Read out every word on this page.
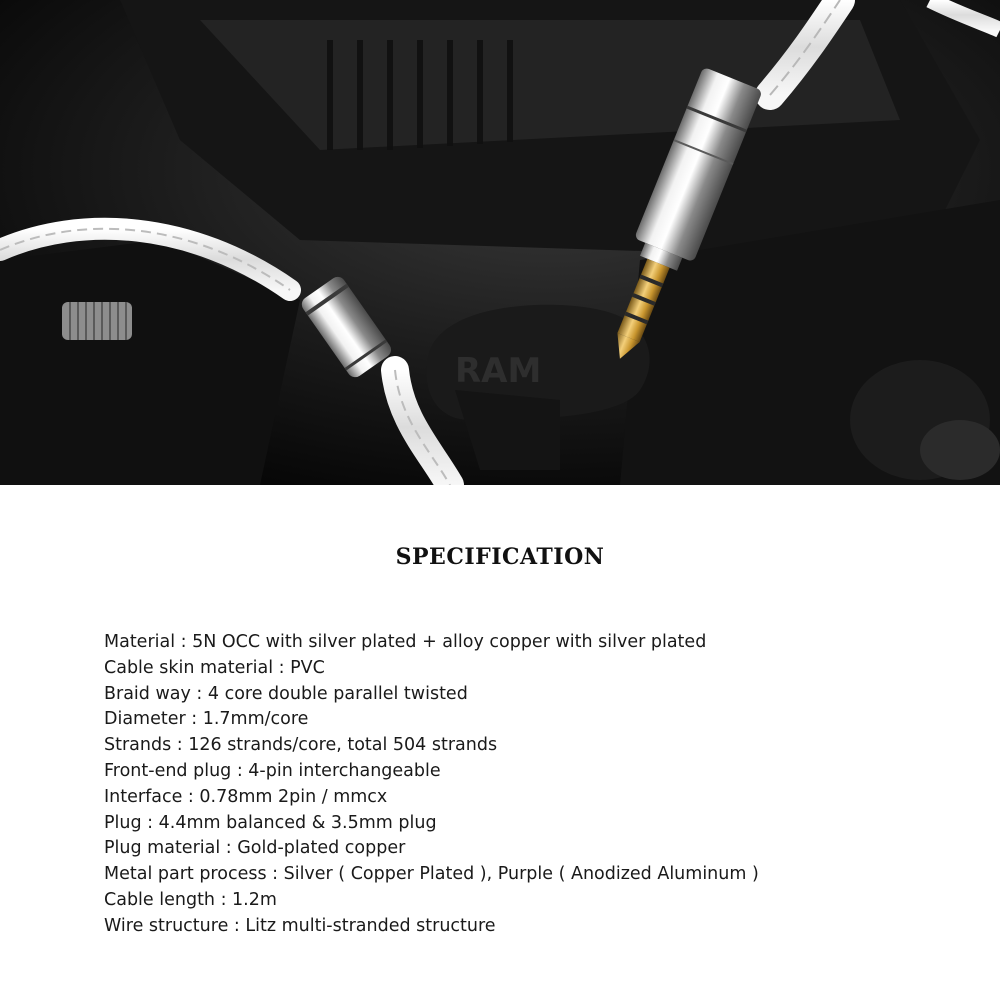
RAM
SPECIFICATION
Material : 5N OCC with silver plated + alloy copper with silver plated
Cable skin material : PVC
Braid way : 4 core double parallel twisted
Diameter : 1.7mm/core
Strands : 126 strands/core, total 504 strands
Front-end plug : 4-pin interchangeable
Interface : 0.78mm 2pin / mmcx
Plug : 4.4mm balanced & 3.5mm plug
Plug material : Gold-plated copper
Metal part process : Silver ( Copper Plated ), Purple ( Anodized Aluminum )
Cable length : 1.2m
Wire structure : Litz multi-stranded structure
